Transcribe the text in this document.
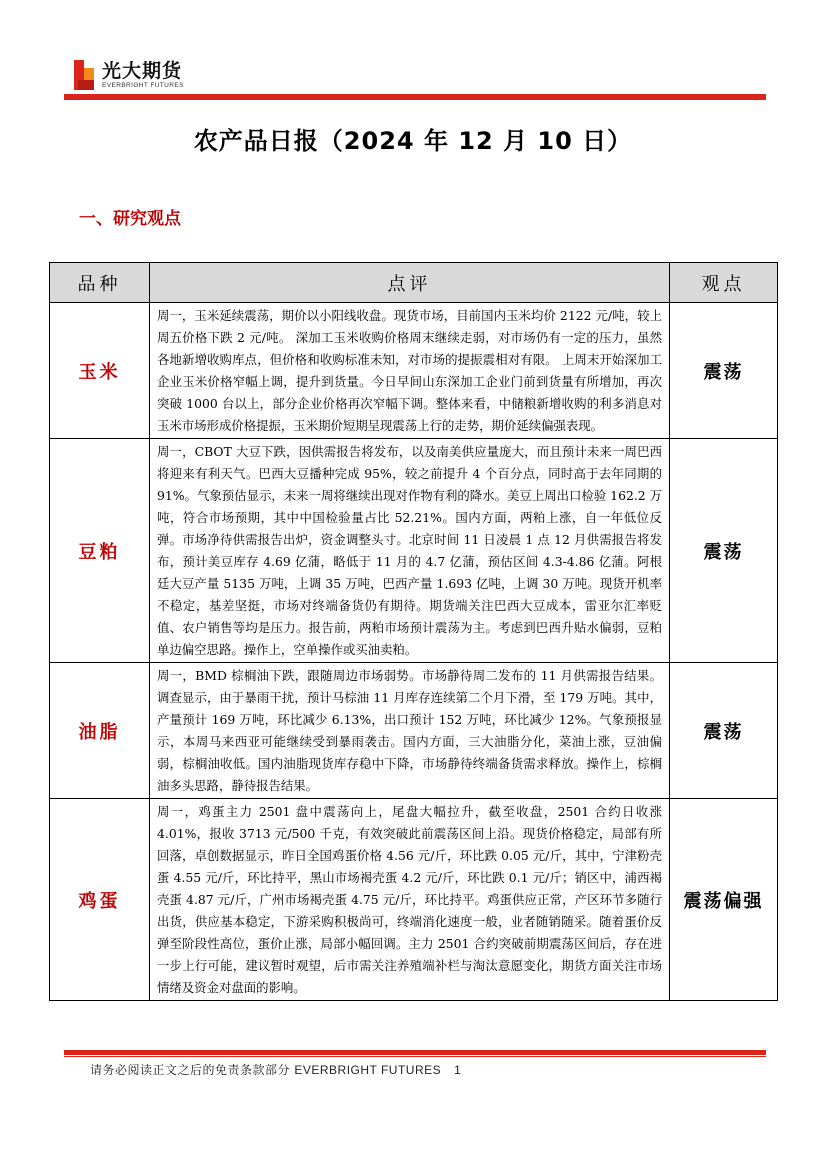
光大期货
EVERBRIGHT FUTURES
农产品日报（2024 年 12 月 10 日）
一、研究观点
品种	点评	观点
玉米	周一，玉米延续震荡，期价以小阳线收盘。现货市场，目前国内玉米均价 2122 元/吨，较上周五价格下跌 2 元/吨。 深加工玉米收购价格周末继续走弱，对市场仍有一定的压力，虽然各地新增收购库点，但价格和收购标准未知，对市场的提振震相对有限。 上周末开始深加工企业玉米价格窄幅上调，提升到货量。今日早间山东深加工企业门前到货量有所增加，再次突破 1000 台以上，部分企业价格再次窄幅下调。整体来看，中储粮新增收购的利多消息对玉米市场形成价格提振，玉米期价短期呈现震荡上行的走势，期价延续偏强表现。	震荡
豆粕	周一，CBOT 大豆下跌，因供需报告将发布，以及南美供应量庞大，而且预计未来一周巴西将迎来有利天气。巴西大豆播种完成 95%，较之前提升 4 个百分点，同时高于去年同期的 91%。气象预估显示，未来一周将继续出现对作物有利的降水。美豆上周出口检验 162.2 万吨，符合市场预期，其中中国检验量占比 52.21%。国内方面，两粕上涨，自一年低位反弹。市场净待供需报告出炉，资金调整头寸。北京时间 11 日凌晨 1 点 12 月供需报告将发布，预计美豆库存 4.69 亿蒲，略低于 11 月的 4.7 亿蒲，预估区间 4.3-4.86 亿蒲。阿根廷大豆产量 5135 万吨，上调 35 万吨，巴西产量 1.693 亿吨，上调 30 万吨。现货开机率不稳定，基差坚挺，市场对终端备货仍有期待。期货端关注巴西大豆成本，雷亚尔汇率贬值、农户销售等均是压力。报告前，两粕市场预计震荡为主。考虑到巴西升贴水偏弱，豆粕单边偏空思路。操作上，空单操作或买油卖粕。	震荡
油脂	周一，BMD 棕榈油下跌，跟随周边市场弱势。市场静待周二发布的 11 月供需报告结果。调查显示，由于暴雨干扰，预计马棕油 11 月库存连续第二个月下滑，至 179 万吨。其中，产量预计 169 万吨，环比减少 6.13%，出口预计 152 万吨，环比减少 12%。气象预报显示，本周马来西亚可能继续受到暴雨袭击。国内方面，三大油脂分化，菜油上涨，豆油偏弱，棕榈油收低。国内油脂现货库存稳中下降，市场静待终端备货需求释放。操作上，棕榈油多头思路，静待报告结果。	震荡
鸡蛋	周一，鸡蛋主力 2501 盘中震荡向上，尾盘大幅拉升，截至收盘，2501 合约日收涨 4.01%，报收 3713 元/500 千克，有效突破此前震荡区间上沿。现货价格稳定，局部有所回落，卓创数据显示，昨日全国鸡蛋价格 4.56 元/斤，环比跌 0.05 元/斤，其中，宁津粉壳蛋 4.55 元/斤，环比持平，黑山市场褐壳蛋 4.2 元/斤，环比跌 0.1 元/斤；销区中，浦西褐壳蛋 4.87 元/斤，广州市场褐壳蛋 4.75 元/斤，环比持平。鸡蛋供应正常，产区环节多随行出货，供应基本稳定，下游采购积极尚可，终端消化速度一般，业者随销随采。随着蛋价反弹至阶段性高位，蛋价止涨，局部小幅回调。主力 2501 合约突破前期震荡区间后，存在进一步上行可能，建议暂时观望，后市需关注养殖端补栏与淘汰意愿变化，期货方面关注市场情绪及资金对盘面的影响。	震荡偏强
请务必阅读正文之后的免责条款部分 EVERBRIGHT FUTURES 1
